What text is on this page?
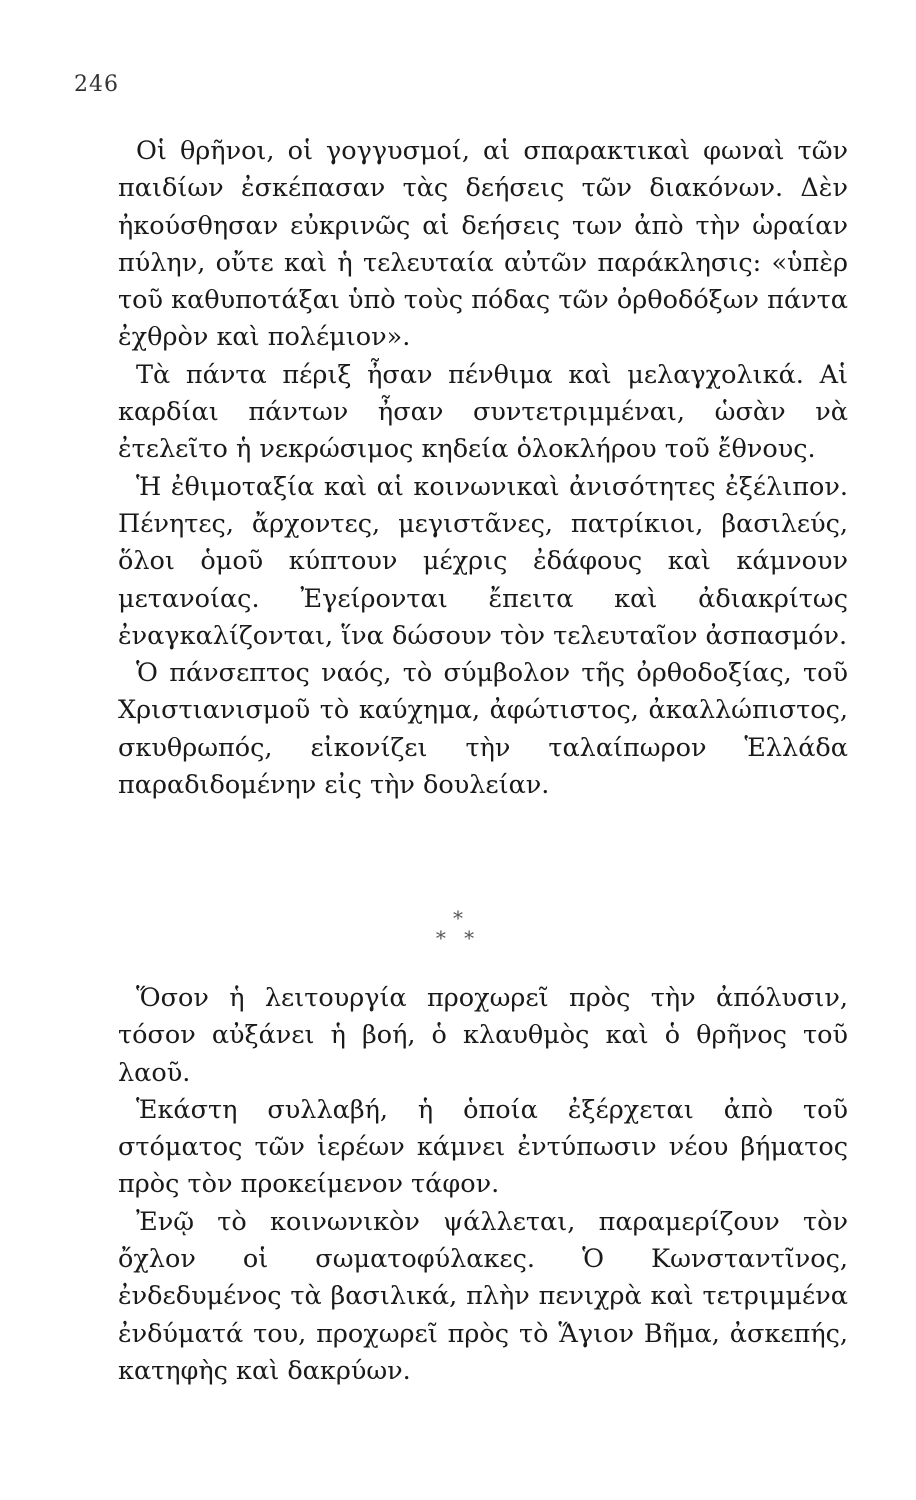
246

Οἱ θρῆνοι, οἱ γογγυσμοί, αἱ σπαρακτικαὶ φωναὶ τῶν παιδίων ἐσκέπασαν τὰς δεήσεις τῶν διακόνων. Δὲν ἠκούσθησαν εὐκρινῶς αἱ δεήσεις των ἀπὸ τὴν ὡραίαν πύλην, οὔτε καὶ ἡ τελευταία αὐτῶν παράκλησις: «ὑπὲρ τοῦ καθυποτάξαι ὑπὸ τοὺς πόδας τῶν ὀρθοδόξων πάντα ἐχθρὸν καὶ πολέμιον».

Τὰ πάντα πέριξ ἦσαν πένθιμα καὶ μελαγχολικά. Αἱ καρδίαι πάντων ἦσαν συντετριμμέναι, ὡσὰν νὰ ἐτελεῖτο ἡ νεκρώσιμος κηδεία ὁλοκλήρου τοῦ ἔθνους.

Ἡ ἐθιμοταξία καὶ αἱ κοινωνικαὶ ἀνισότητες ἐξέλιπον. Πένητες, ἄρχοντες, μεγιστᾶνες, πατρίκιοι, βασιλεύς, ὅλοι ὁμοῦ κύπτουν μέχρις ἐδάφους καὶ κάμνουν μετανοίας. Ἐγείρονται ἔπειτα καὶ ἀδιακρίτως ἐναγκαλίζονται, ἵνα δώσουν τὸν τελευταῖον ἀσπασμόν.

Ὁ πάνσεπτος ναός, τὸ σύμβολον τῆς ὀρθοδοξίας, τοῦ Χριστιανισμοῦ τὸ καύχημα, ἀφώτιστος, ἀκαλλώπιστος, σκυθρωπός, εἰκονίζει τὴν ταλαίπωρον Ἑλλάδα παραδιδομένην εἰς τὴν δουλείαν.

*
* *

Ὅσον ἡ λειτουργία προχωρεῖ πρὸς τὴν ἀπόλυσιν, τόσον αὐξάνει ἡ βοή, ὁ κλαυθμὸς καὶ ὁ θρῆνος τοῦ λαοῦ.

Ἑκάστη συλλαβή, ἡ ὁποία ἐξέρχεται ἀπὸ τοῦ στόματος τῶν ἱερέων κάμνει ἐντύπωσιν νέου βήματος πρὸς τὸν προκείμενον τάφον.

Ἐνῷ τὸ κοινωνικὸν ψάλλεται, παραμερίζουν τὸν ὄχλον οἱ σωματοφύλακες. Ὁ Κωνσταντῖνος, ἐνδεδυμένος τὰ βασιλικά, πλὴν πενιχρὰ καὶ τετριμμένα ἐνδύματά του, προχωρεῖ πρὸς τὸ Ἅγιον Βῆμα, ἀσκεπής, κατηφὴς καὶ δακρύων.
